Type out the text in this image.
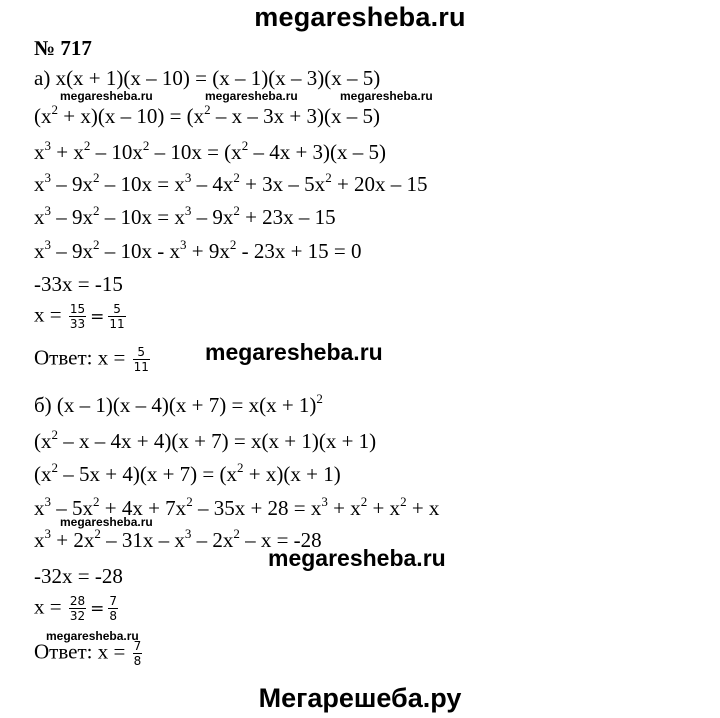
megaresheba.ru
№ 717
а) x(x + 1)(x – 10) = (x – 1)(x – 3)(x – 5)
megaresheba.ru	megaresheba.ru	megaresheba.ru
$(x^2 + x)(x - 10) = (x^2 - x - 3x + 3)(x - 5)$
$x^3 + x^2 - 10x^2 - 10x = (x^2 - 4x + 3)(x - 5)$
$x^3 - 9x^2 - 10x = x^3 - 4x^2 + 3x - 5x^2 + 20x - 15$
$x^3 - 9x^2 - 10x = x^3 - 9x^2 + 23x - 15$
$x^3 - 9x^2 - 10x - x^3 + 9x^2 - 23x + 15 = 0$
-33x = -15
$x = \frac{15}{33} = \frac{5}{11}$
Ответ: $x = \frac{5}{11}$ megaresheba.ru
б) $(x - 1)(x - 4)(x + 7) = x(x + 1)^2$
$(x^2 - x - 4x + 4)(x + 7) = x(x + 1)(x + 1)$
$(x^2 - 5x + 4)(x + 7) = (x^2 + x)(x + 1)$
$x^3 - 5x^2 + 4x + 7x^2 - 35x + 28 = x^3 + x^2 + x^2 + x$
megaresheba.ru
$x^3 + 2x^2 - 31x - x^3 - 2x^2 - x = -28$
megaresheba.ru
-32x = -28
$x = \frac{28}{32} = \frac{7}{8}$
megaresheba.ru
Ответ: $x = \frac{7}{8}$
Мегарешеба.ру
